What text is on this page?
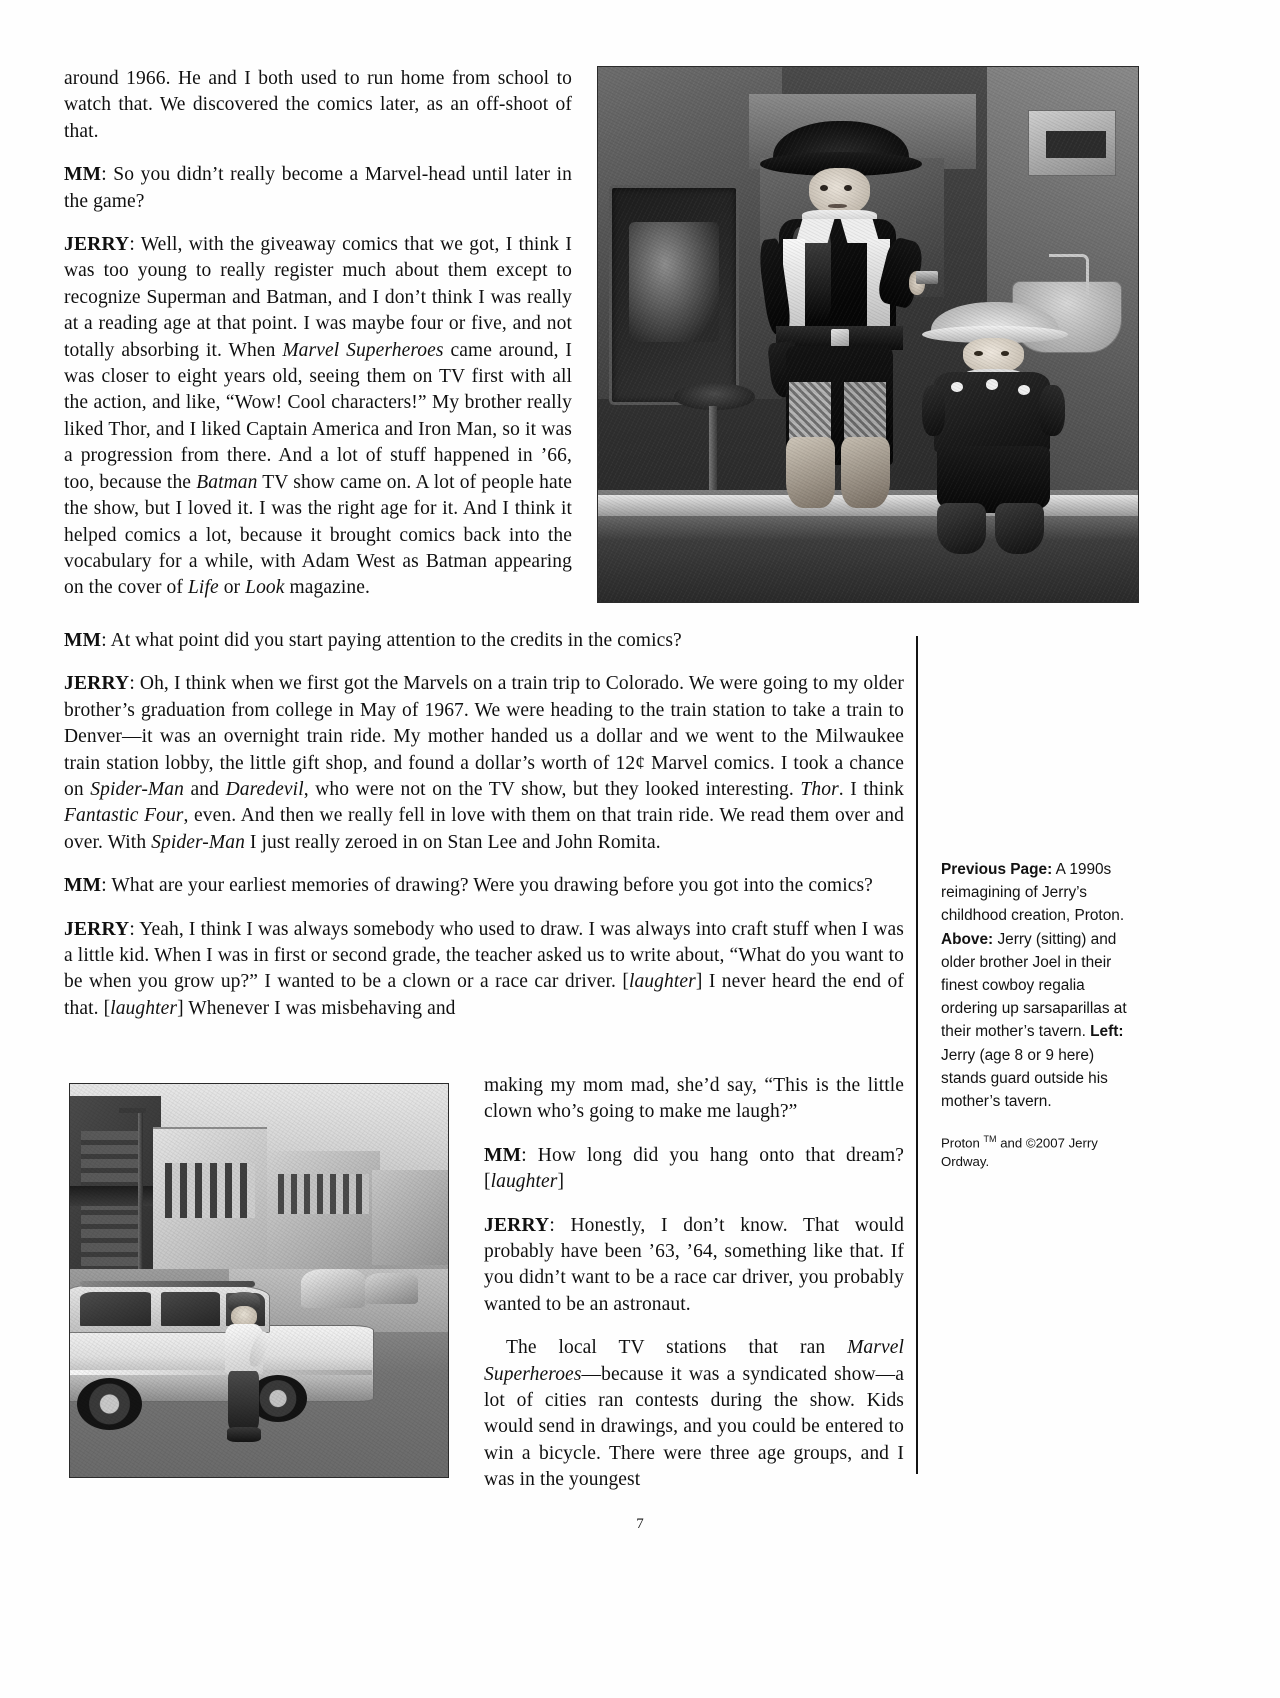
around 1966. He and I both used to run home from school to watch that. We discovered the comics later, as an off-shoot of that.

MM: So you didn’t really become a Marvel-head until later in the game?

JERRY: Well, with the giveaway comics that we got, I think I was too young to really register much about them except to recognize Superman and Batman, and I don’t think I was really at a reading age at that point. I was maybe four or five, and not totally absorbing it. When Marvel Superheroes came around, I was closer to eight years old, seeing them on TV first with all the action, and like, “Wow! Cool characters!” My brother really liked Thor, and I liked Captain America and Iron Man, so it was a progression from there. And a lot of stuff happened in ’66, too, because the Batman TV show came on. A lot of people hate the show, but I loved it. I was the right age for it. And I think it helped comics a lot, because it brought comics back into the vocabulary for a while, with Adam West as Batman appearing on the cover of Life or Look magazine.

MM: At what point did you start paying attention to the credits in the comics?

JERRY: Oh, I think when we first got the Marvels on a train trip to Colorado. We were going to my older brother’s graduation from college in May of 1967. We were heading to the train station to take a train to Denver—it was an overnight train ride. My mother handed us a dollar and we went to the Milwaukee train station lobby, the little gift shop, and found a dollar’s worth of 12¢ Marvel comics. I took a chance on Spider-Man and Daredevil, who were not on the TV show, but they looked interesting. Thor. I think Fantastic Four, even. And then we really fell in love with them on that train ride. We read them over and over. With Spider-Man I just really zeroed in on Stan Lee and John Romita.

MM: What are your earliest memories of drawing? Were you drawing before you got into the comics?

JERRY: Yeah, I think I was always somebody who used to draw. I was always into craft stuff when I was a little kid. When I was in first or second grade, the teacher asked us to write about, “What do you want to be when you grow up?” I wanted to be a clown or a race car driver. [laughter] I never heard the end of that. [laughter] Whenever I was misbehaving and

making my mom mad, she’d say, “This is the little clown who’s going to make me laugh?”

MM: How long did you hang onto that dream? [laughter]

JERRY: Honestly, I don’t know. That would probably have been ’63, ’64, something like that. If you didn’t want to be a race car driver, you probably wanted to be an astronaut.

The local TV stations that ran Marvel Superheroes—because it was a syndicated show—a lot of cities ran contests during the show. Kids would send in drawings, and you could be entered to win a bicycle. There were three age groups, and I was in the youngest

Previous Page: A 1990s reimagining of Jerry’s childhood creation, Proton. Above: Jerry (sitting) and older brother Joel in their finest cowboy regalia ordering up sarsaparillas at their mother’s tavern. Left: Jerry (age 8 or 9 here) stands guard outside his mother’s tavern.
Proton ™ and ©2007 Jerry Ordway.
7
